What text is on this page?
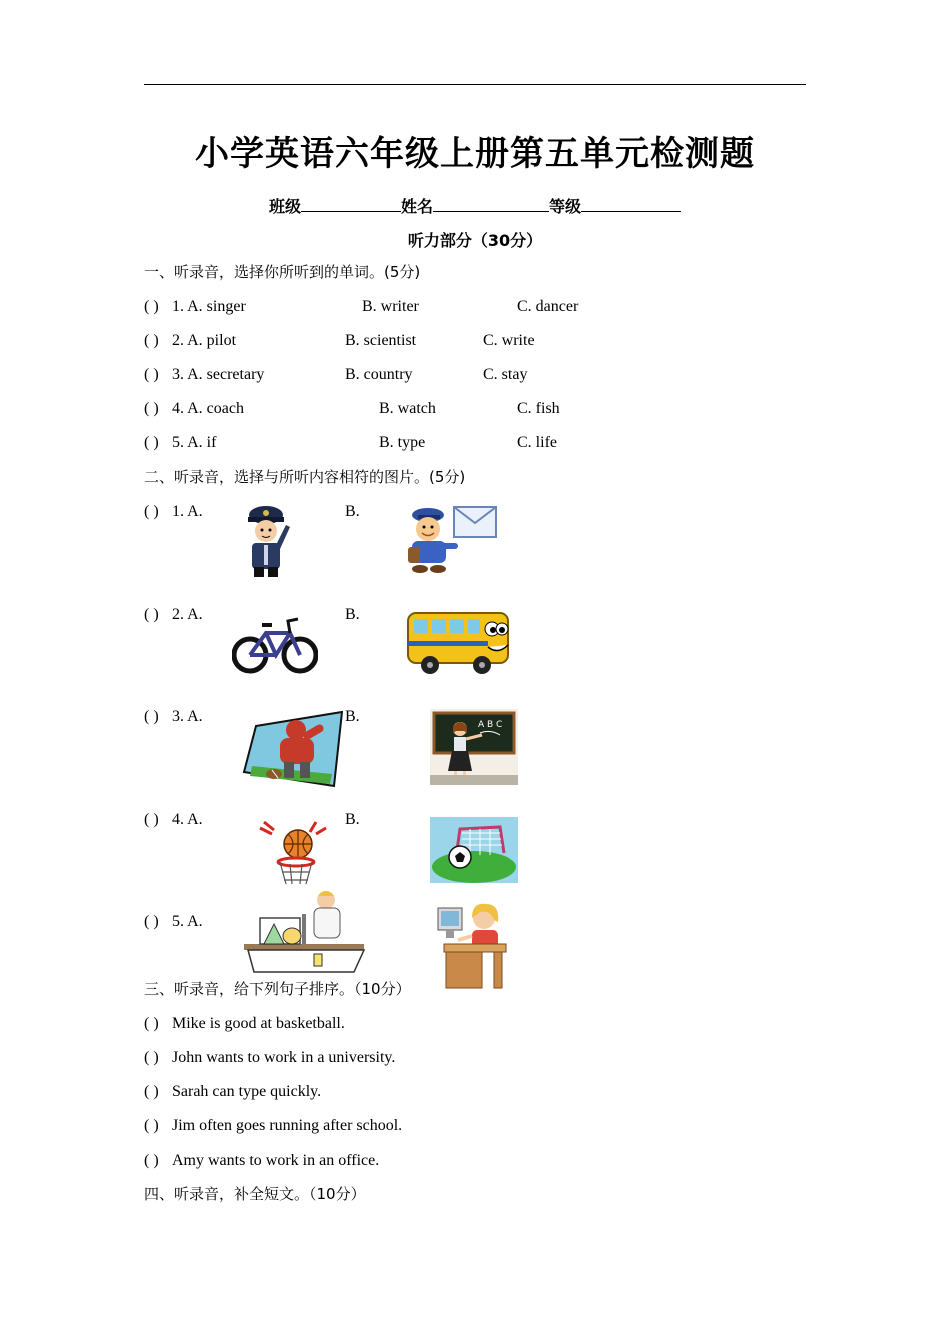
小学英语六年级上册第五单元检测题
班级	姓名	等级
听力部分（30分）
一、听录音，选择你所听到的单词。(5分)
( ) 1. A. singer	B. writer	C. dancer
( ) 2. A. pilot	B. scientist	C. write
( ) 3. A. secretary	B. country	C. stay
( ) 4. A. coach	B. watch	C. fish
( ) 5. A. if	B. type	C. life
二、听录音，选择与所听内容相符的图片。(5分)
( ) 1. A.	B.
( ) 2. A.	B.
( ) 3. A.	B.	A B C
( ) 4. A.	B.
( ) 5. A.
三、听录音，给下列句子排序。（10分）
( ) Mike is good at basketball.
( ) John wants to work in a university.
( ) Sarah can type quickly.
( ) Jim often goes running after school.
( ) Amy wants to work in an office.
四、听录音，补全短文。（10分）
